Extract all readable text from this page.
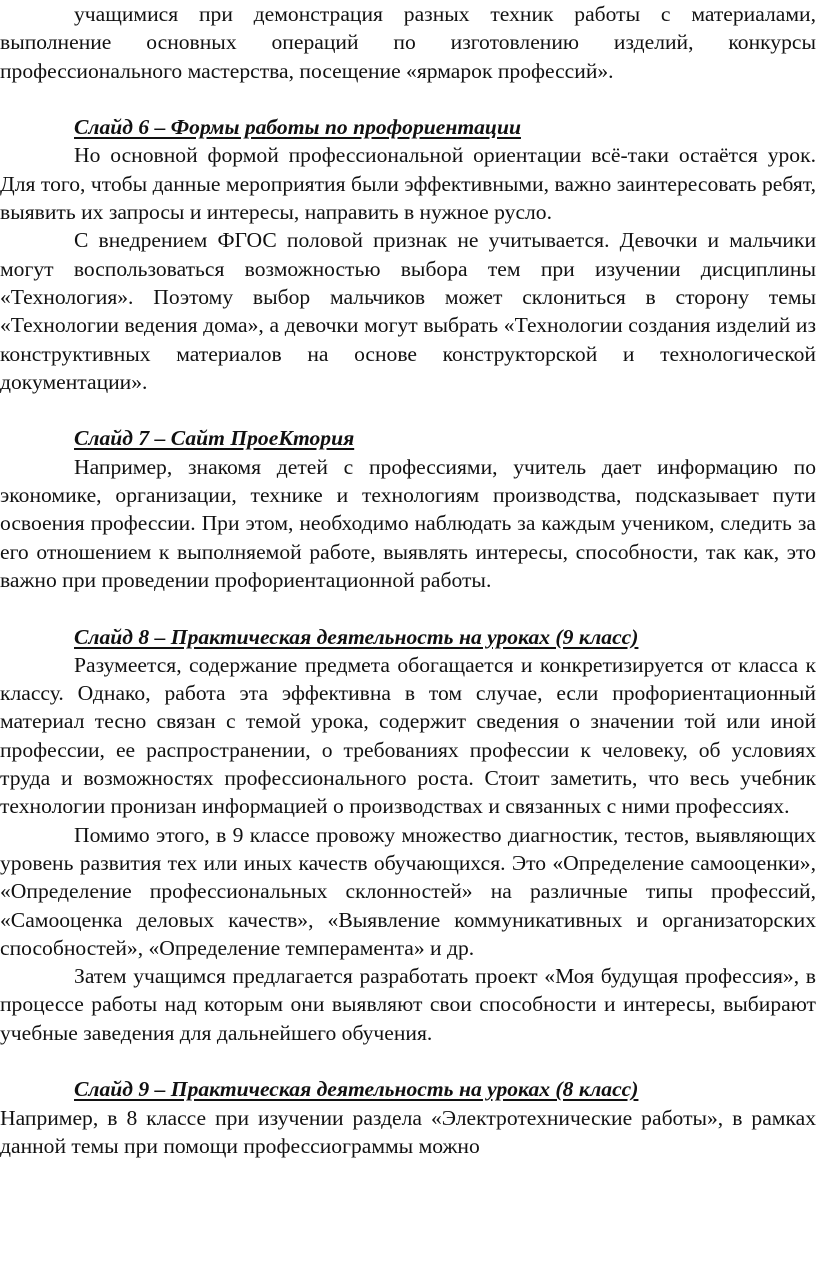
учащимися при демонстрация разных техник работы с материалами, выполнение основных операций по изготовлению изделий, конкурсы профессионального мастерства, посещение «ярмарок профессий».

Слайд 6 – Формы работы по профориентации

Но основной формой профессиональной ориентации всё-таки остаётся урок. Для того, чтобы данные мероприятия были эффективными, важно заинтересовать ребят, выявить их запросы и интересы, направить в нужное русло.

С внедрением ФГОС половой признак не учитывается. Девочки и мальчики могут воспользоваться возможностью выбора тем при изучении дисциплины «Технология». Поэтому выбор мальчиков может склониться в сторону темы «Технологии ведения дома», а девочки могут выбрать «Технологии создания изделий из конструктивных материалов на основе конструкторской и технологической документации».

Слайд 7 – Сайт ПроеКтория

Например, знакомя детей с профессиями, учитель дает информацию по экономике, организации, технике и технологиям производства, подсказывает пути освоения профессии. При этом, необходимо наблюдать за каждым учеником, следить за его отношением к выполняемой работе, выявлять интересы, способности, так как, это важно при проведении профориентационной работы.

Слайд 8 – Практическая деятельность на уроках (9 класс)

Разумеется, содержание предмета обогащается и конкретизируется от класса к классу. Однако, работа эта эффективна в том случае, если профориентационный материал тесно связан с темой урока, содержит сведения о значении той или иной профессии, ее распространении, о требованиях профессии к человеку, об условиях труда и возможностях профессионального роста. Стоит заметить, что весь учебник технологии пронизан информацией о производствах и связанных с ними профессиях.

Помимо этого, в 9 классе провожу множество диагностик, тестов, выявляющих уровень развития тех или иных качеств обучающихся. Это «Определение самооценки», «Определение профессиональных склонностей» на различные типы профессий, «Самооценка деловых качеств», «Выявление коммуникативных и организаторских способностей», «Определение темперамента» и др.

Затем учащимся предлагается разработать проект «Моя будущая профессия», в процессе работы над которым они выявляют свои способности и интересы, выбирают учебные заведения для дальнейшего обучения.

Слайд 9 – Практическая деятельность на уроках (8 класс)

Например, в 8 классе при изучении раздела «Электротехнические работы», в рамках данной темы при помощи профессиограммы можно
